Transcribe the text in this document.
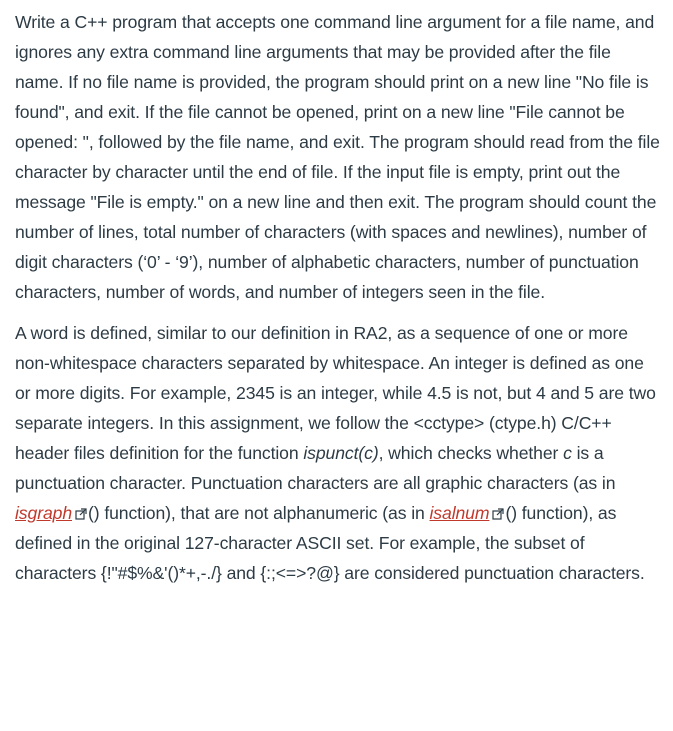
Write a C++ program that accepts one command line argument for a file name, and ignores any extra command line arguments that may be provided after the file name. If no file name is provided, the program should print on a new line "No file is found", and exit. If the file cannot be opened, print on a new line "File cannot be opened: ", followed by the file name, and exit. The program should read from the file character by character until the end of file. If the input file is empty, print out the message "File is empty." on a new line and then exit. The program should count the number of lines, total number of characters (with spaces and newlines), number of digit characters (‘0’ - ‘9’), number of alphabetic characters, number of punctuation characters, number of words, and number of integers seen in the file.

A word is defined, similar to our definition in RA2, as a sequence of one or more non-whitespace characters separated by whitespace. An integer is defined as one or more digits. For example, 2345 is an integer, while 4.5 is not, but 4 and 5 are two separate integers. In this assignment, we follow the <cctype> (ctype.h) C/C++ header files definition for the function ispunct(c), which checks whether c is a punctuation character. Punctuation characters are all graphic characters (as in isgraph () function), that are not alphanumeric (as in isalnum () function), as defined in the original 127-character ASCII set. For example, the subset of characters {!"#$%&'()*+,-./} and {:;<=>?@} are considered punctuation characters.
